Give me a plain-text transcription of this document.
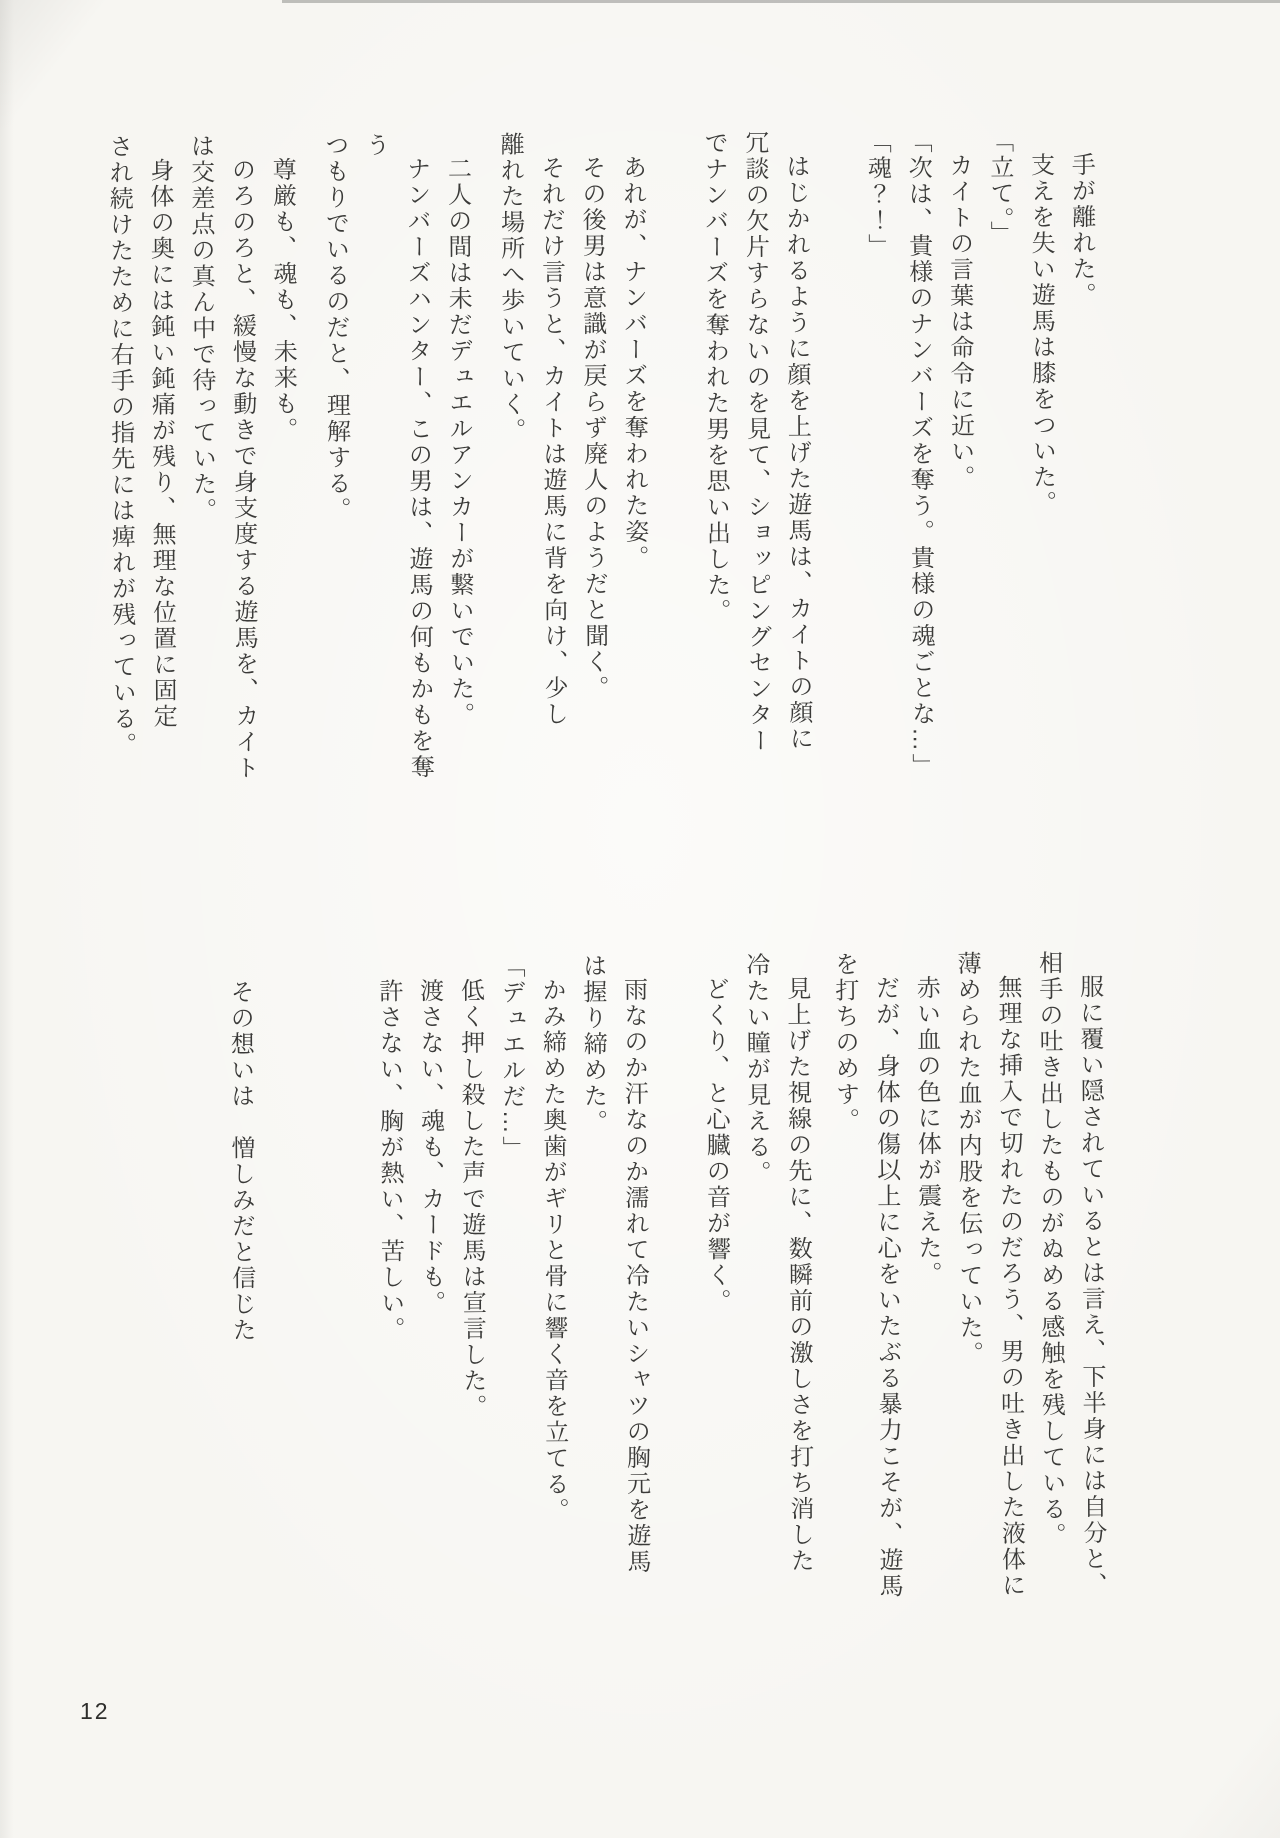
手が離れた。

支えを失い遊馬は膝をついた。

「立て。」

カイトの言葉は命令に近い。

「次は、貴様のナンバーズを奪う。貴様の魂ごとな…」

「魂？！」

はじかれるように顔を上げた遊馬は、カイトの顔に

冗談の欠片すらないのを見て、ショッピングセンター

でナンバーズを奪われた男を思い出した。

あれが、ナンバーズを奪われた姿。

その後男は意識が戻らず廃人のようだと聞く。

それだけ言うと、カイトは遊馬に背を向け、少し

離れた場所へ歩いていく。

二人の間は未だデュエルアンカーが繋いでいた。

ナンバーズハンター、この男は、遊馬の何もかもを奪う

つもりでいるのだと、理解する。

尊厳も、魂も、未来も。

のろのろと、緩慢な動きで身支度する遊馬を、カイト

は交差点の真ん中で待っていた。

身体の奥には鈍い鈍痛が残り、無理な位置に固定

され続けたために右手の指先には痺れが残っている。

服に覆い隠されているとは言え、下半身には自分と、

相手の吐き出したものがぬめる感触を残している。

無理な挿入で切れたのだろう、男の吐き出した液体に

薄められた血が内股を伝っていた。

赤い血の色に体が震えた。

だが、身体の傷以上に心をいたぶる暴力こそが、遊馬

を打ちのめす。

見上げた視線の先に、数瞬前の激しさを打ち消した

冷たい瞳が見える。

どくり、と心臓の音が響く。

雨なのか汗なのか濡れて冷たいシャツの胸元を遊馬

は握り締めた。

かみ締めた奥歯がギリと骨に響く音を立てる。

「デュエルだ…」

低く押し殺した声で遊馬は宣言した。

渡さない、魂も、カードも。

許さない、胸が熱い、苦しい。

その想いは　憎しみだと信じた

12
